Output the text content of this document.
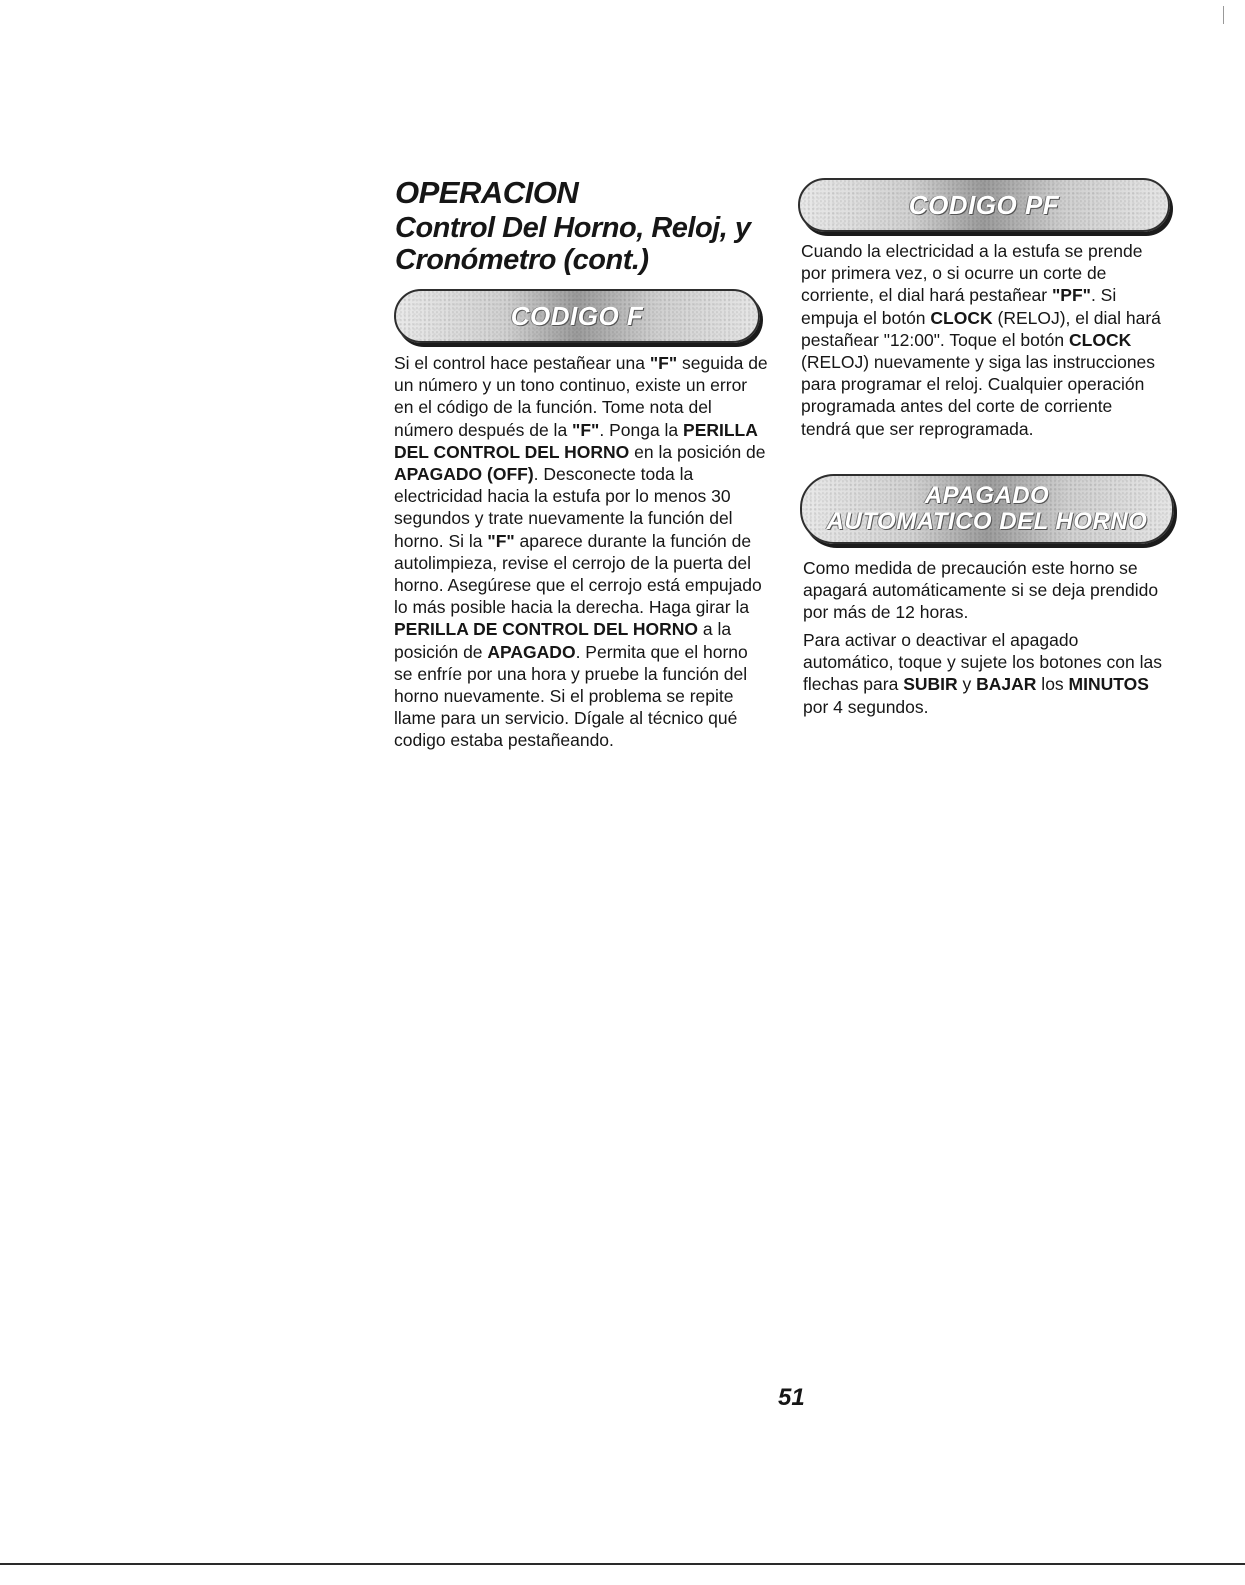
OPERACION
Control Del Horno, Reloj, y
Cronómetro (cont.)
CODIGO F

Si el control hace pestañear una "F" seguida de un número y un tono continuo, existe un error en el código de la función. Tome nota del número después de la "F". Ponga la PERILLA DEL CONTROL DEL HORNO en la posición de APAGADO (OFF). Desconecte toda la electricidad hacia la estufa por lo menos 30 segundos y trate nuevamente la función del horno. Si la "F" aparece durante la función de autolimpieza, revise el cerrojo de la puerta del horno. Asegúrese que el cerrojo está empujado lo más posible hacia la derecha. Haga girar la PERILLA DE CONTROL DEL HORNO a la posición de APAGADO. Permita que el horno se enfríe por una hora y pruebe la función del horno nuevamente. Si el problema se repite llame para un servicio. Dígale al técnico qué codigo estaba pestañeando.

CODIGO PF

Cuando la electricidad a la estufa se prende por primera vez, o si ocurre un corte de corriente, el dial hará pestañear "PF". Si empuja el botón CLOCK (RELOJ), el dial hará pestañear "12:00". Toque el botón CLOCK (RELOJ) nuevamente y siga las instrucciones para programar el reloj. Cualquier operación programada antes del corte de corriente tendrá que ser reprogramada.

APAGADO
AUTOMATICO DEL HORNO

Como medida de precaución este horno se apagará automáticamente si se deja prendido por más de 12 horas.

Para activar o deactivar el apagado automático, toque y sujete los botones con las flechas para SUBIR y BAJAR los MINUTOS por 4 segundos.

51
